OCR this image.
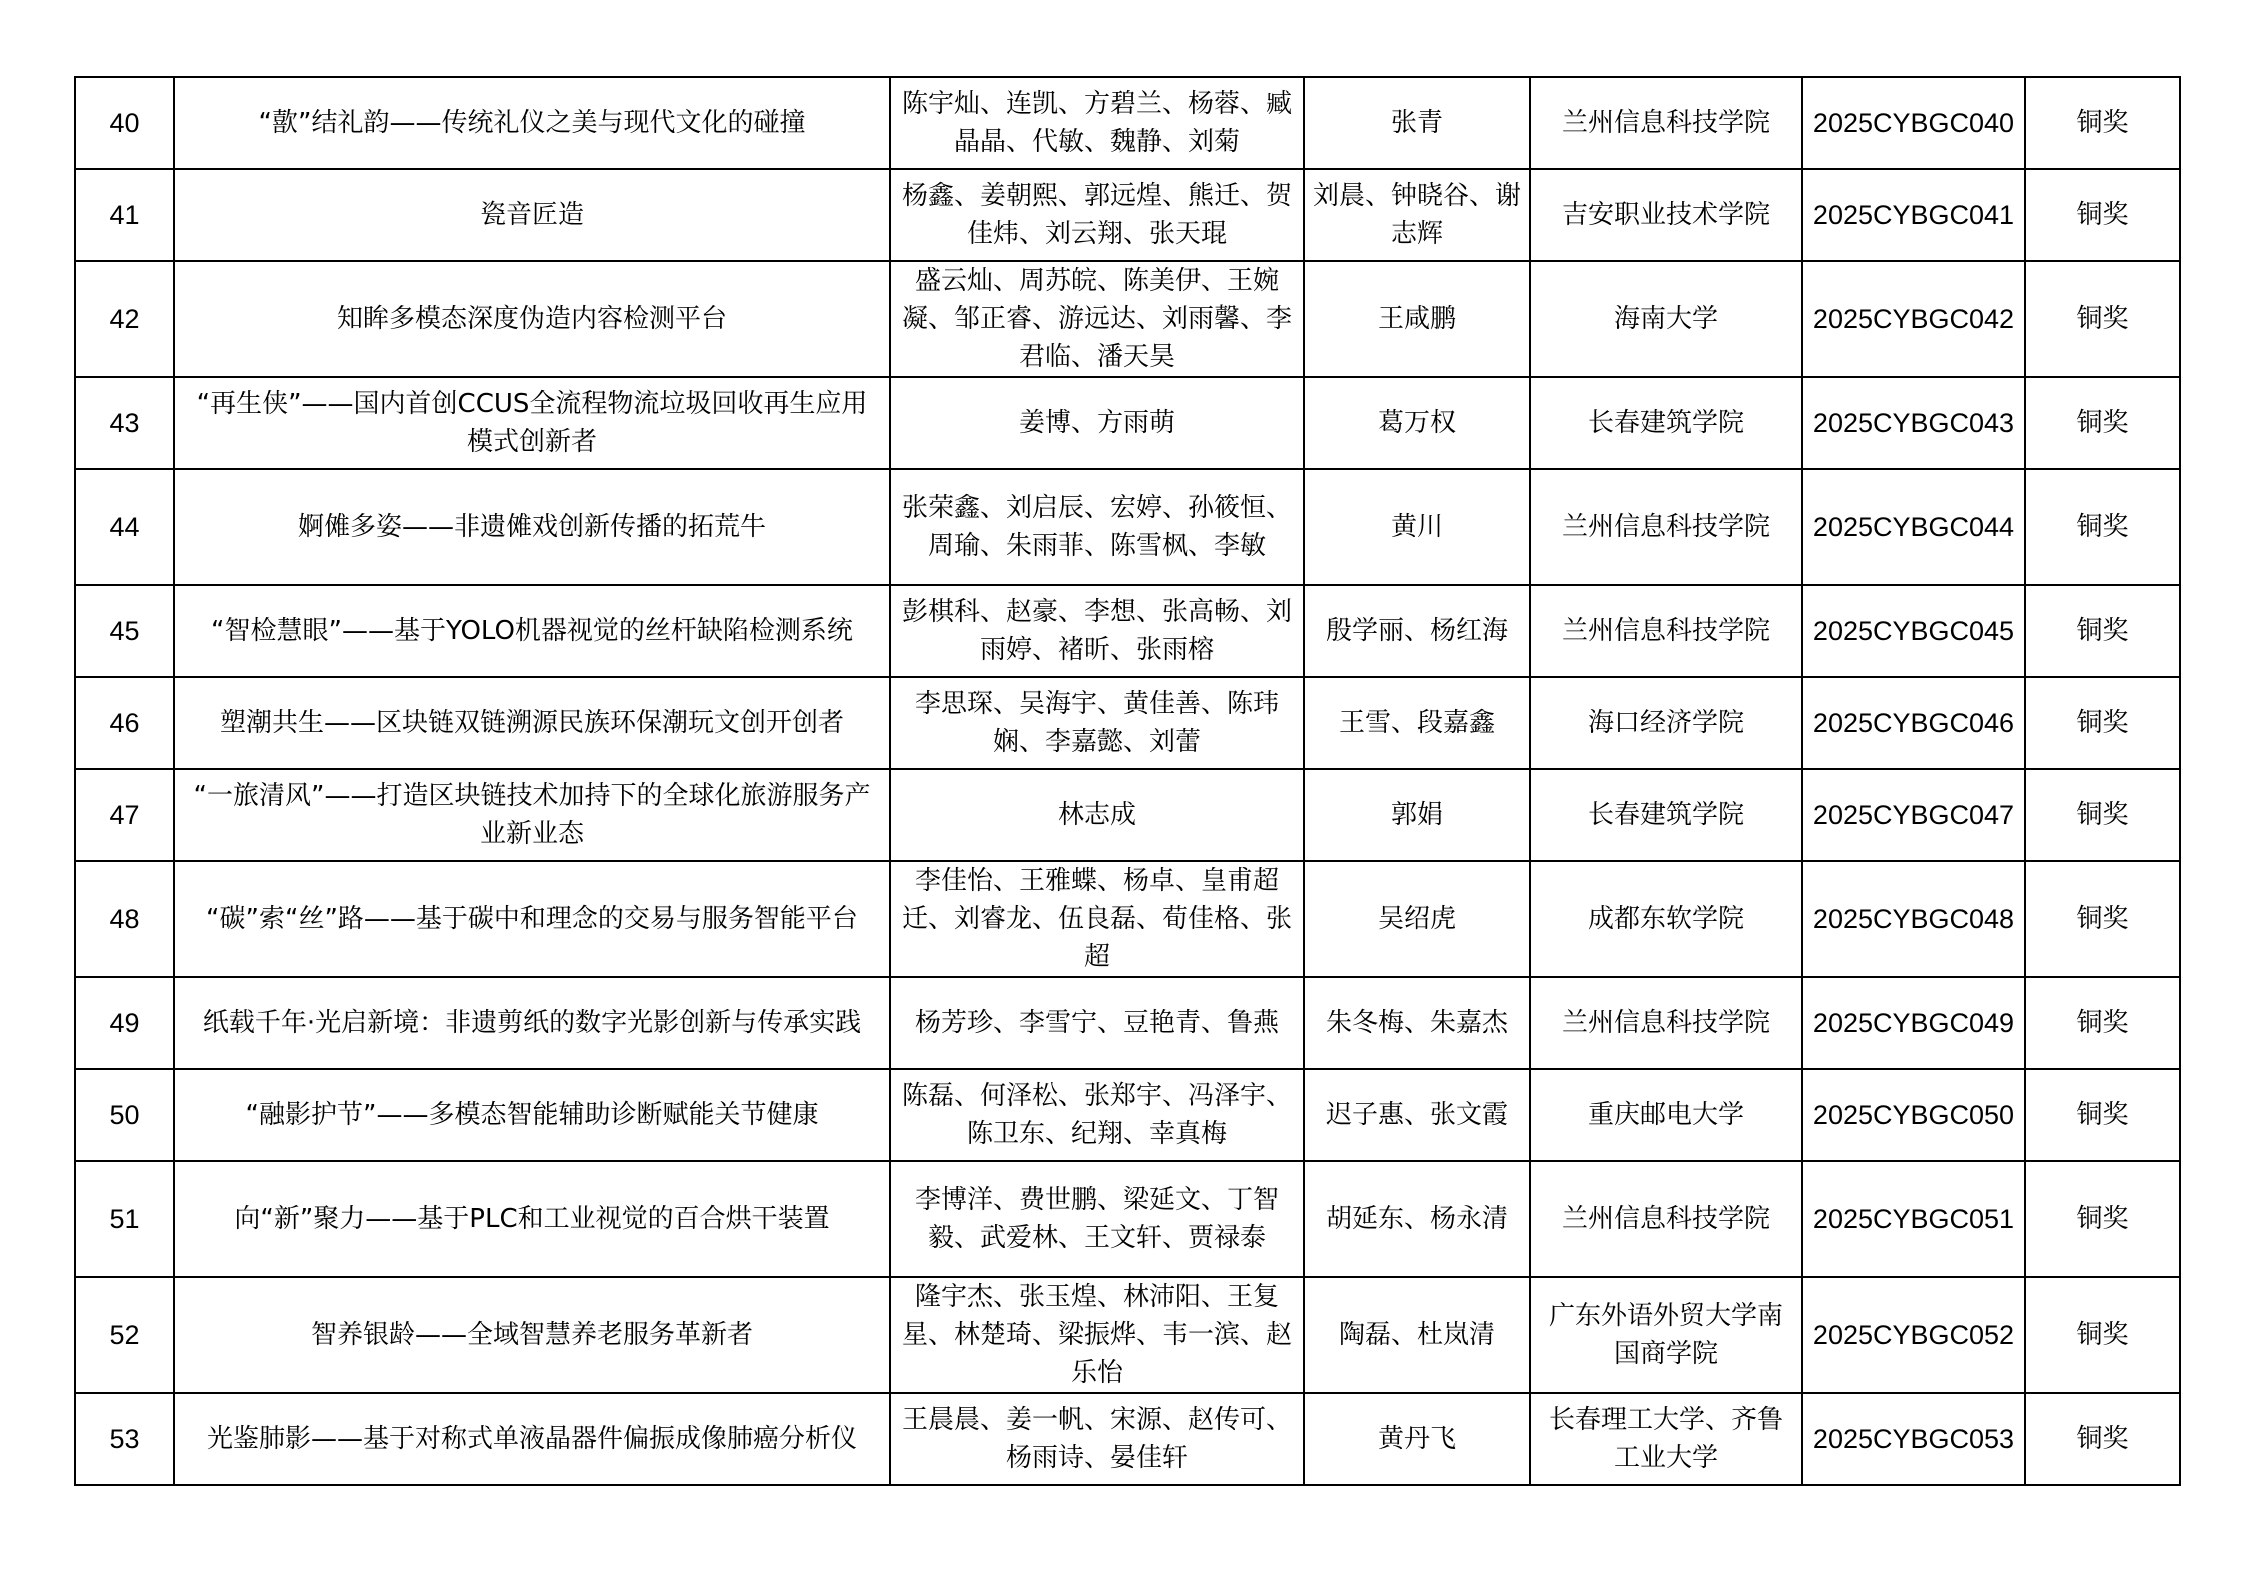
40	“歖”结礼韵——传统礼仪之美与现代文化的碰撞	陈宇灿、连凯、方碧兰、杨蓉、臧晶晶、代敏、魏静、刘菊	张青	兰州信息科技学院	2025CYBGC040	铜奖
41	瓷音匠造	杨鑫、姜朝熙、郭远煌、熊迁、贺佳炜、刘云翔、张天琨	刘晨、钟晓谷、谢志辉	吉安职业技术学院	2025CYBGC041	铜奖
42	知眸多模态深度伪造内容检测平台	盛云灿、周苏皖、陈美伊、王婉凝、邹正睿、游远达、刘雨馨、李君临、潘天昊	王咸鹏	海南大学	2025CYBGC042	铜奖
43	“再生侠”——国内首创CCUS全流程物流垃圾回收再生应用模式创新者	姜博、方雨萌	葛万权	长春建筑学院	2025CYBGC043	铜奖
44	婀傩多姿——非遗傩戏创新传播的拓荒牛	张荣鑫、刘启辰、宏婷、孙筱恒、周瑜、朱雨菲、陈雪枫、李敏	黄川	兰州信息科技学院	2025CYBGC044	铜奖
45	“智检慧眼”——基于YOLO机器视觉的丝杆缺陷检测系统	彭棋科、赵豪、李想、张高畅、刘雨婷、褚昕、张雨榕	殷学丽、杨红海	兰州信息科技学院	2025CYBGC045	铜奖
46	塑潮共生——区块链双链溯源民族环保潮玩文创开创者	李思琛、吴海宇、黄佳善、陈玮娴、李嘉懿、刘蕾	王雪、段嘉鑫	海口经济学院	2025CYBGC046	铜奖
47	“一旅清风”——打造区块链技术加持下的全球化旅游服务产业新业态	林志成	郭娟	长春建筑学院	2025CYBGC047	铜奖
48	“碳”索“丝”路——基于碳中和理念的交易与服务智能平台	李佳怡、王雅蝶、杨卓、皇甫超迁、刘睿龙、伍良磊、荀佳格、张超	吴绍虎	成都东软学院	2025CYBGC048	铜奖
49	纸载千年·光启新境：非遗剪纸的数字光影创新与传承实践	杨芳珍、李雪宁、豆艳青、鲁燕	朱冬梅、朱嘉杰	兰州信息科技学院	2025CYBGC049	铜奖
50	“融影护节”——多模态智能辅助诊断赋能关节健康	陈磊、何泽松、张郑宇、冯泽宇、陈卫东、纪翔、幸真梅	迟子惠、张文霞	重庆邮电大学	2025CYBGC050	铜奖
51	向“新”聚力——基于PLC和工业视觉的百合烘干装置	李博洋、费世鹏、梁延文、丁智毅、武爱林、王文轩、贾禄泰	胡延东、杨永清	兰州信息科技学院	2025CYBGC051	铜奖
52	智养银龄——全域智慧养老服务革新者	隆宇杰、张玉煌、林沛阳、王复星、林楚琦、梁振烨、韦一滨、赵乐怡	陶磊、杜岚清	广东外语外贸大学南国商学院	2025CYBGC052	铜奖
53	光鉴肺影——基于对称式单液晶器件偏振成像肺癌分析仪	王晨晨、姜一帆、宋源、赵传可、杨雨诗、晏佳轩	黄丹飞	长春理工大学、齐鲁工业大学	2025CYBGC053	铜奖
